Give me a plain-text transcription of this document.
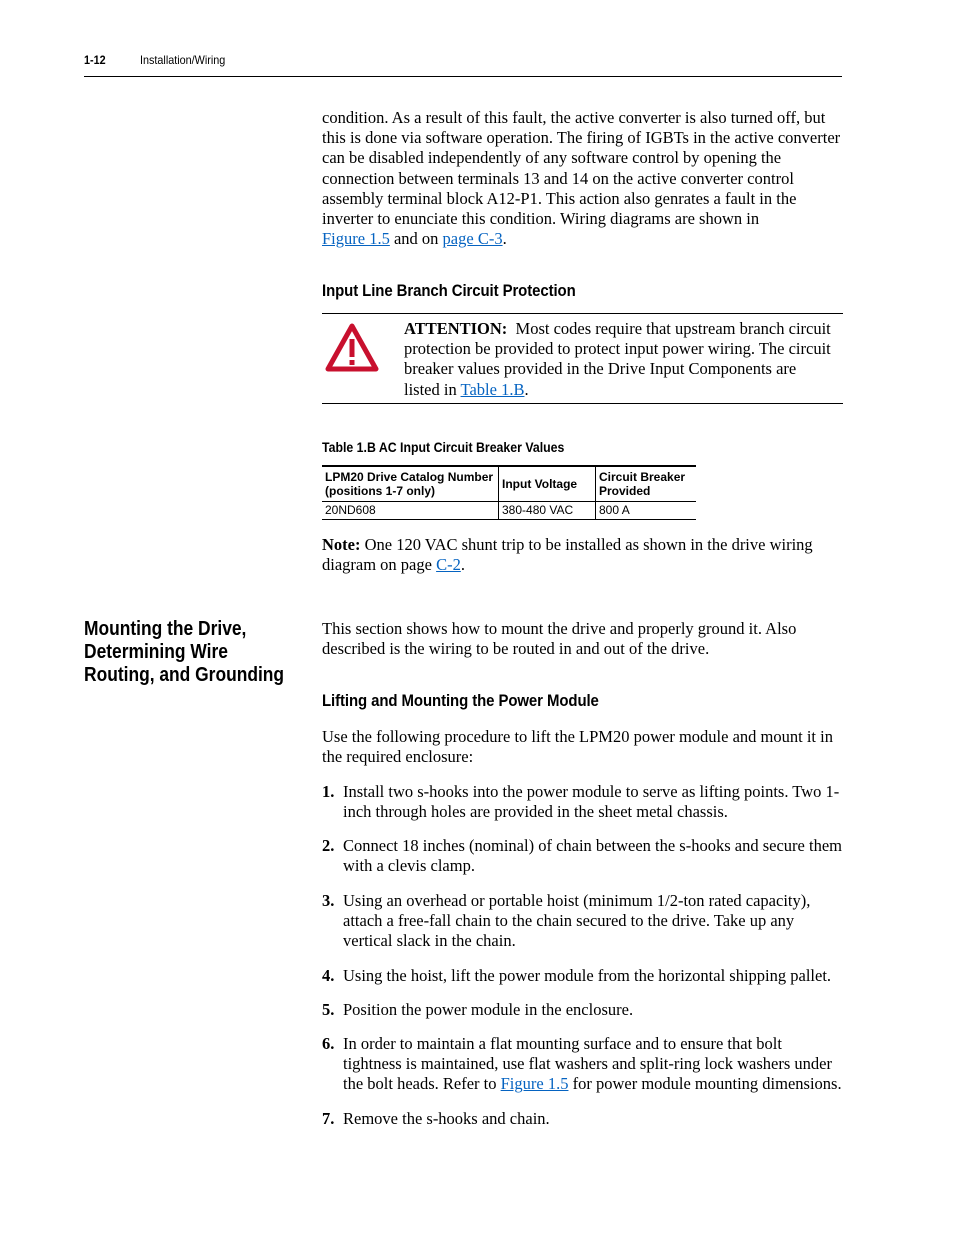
1-12	Installation/Wiring
condition. As a result of this fault, the active converter is also turned off, but this is done via software operation. The firing of IGBTs in the active converter can be disabled independently of any software control by opening the connection between terminals 13 and 14 on the active converter control assembly terminal block A12-P1. This action also genrates a fault in the inverter to enunciate this condition. Wiring diagrams are shown in
Figure 1.5 and on page C-3.
Input Line Branch Circuit Protection
ATTENTION: Most codes require that upstream branch circuit protection be provided to protect input power wiring. The circuit breaker values provided in the Drive Input Components are listed in Table 1.B.
Table 1.B AC Input Circuit Breaker Values
LPM20 Drive Catalog Number (positions 1-7 only)	Input Voltage	Circuit Breaker Provided
20ND608	380-480 VAC	800 A
Note: One 120 VAC shunt trip to be installed as shown in the drive wiring diagram on page C-2.
Mounting the Drive, Determining Wire Routing, and Grounding
This section shows how to mount the drive and properly ground it. Also described is the wiring to be routed in and out of the drive.
Lifting and Mounting the Power Module
Use the following procedure to lift the LPM20 power module and mount it in the required enclosure:
1. Install two s-hooks into the power module to serve as lifting points. Two 1-inch through holes are provided in the sheet metal chassis.
2. Connect 18 inches (nominal) of chain between the s-hooks and secure them with a clevis clamp.
3. Using an overhead or portable hoist (minimum 1/2-ton rated capacity), attach a free-fall chain to the chain secured to the drive. Take up any vertical slack in the chain.
4. Using the hoist, lift the power module from the horizontal shipping pallet.
5. Position the power module in the enclosure.
6. In order to maintain a flat mounting surface and to ensure that bolt tightness is maintained, use flat washers and split-ring lock washers under the bolt heads. Refer to Figure 1.5 for power module mounting dimensions.
7. Remove the s-hooks and chain.
